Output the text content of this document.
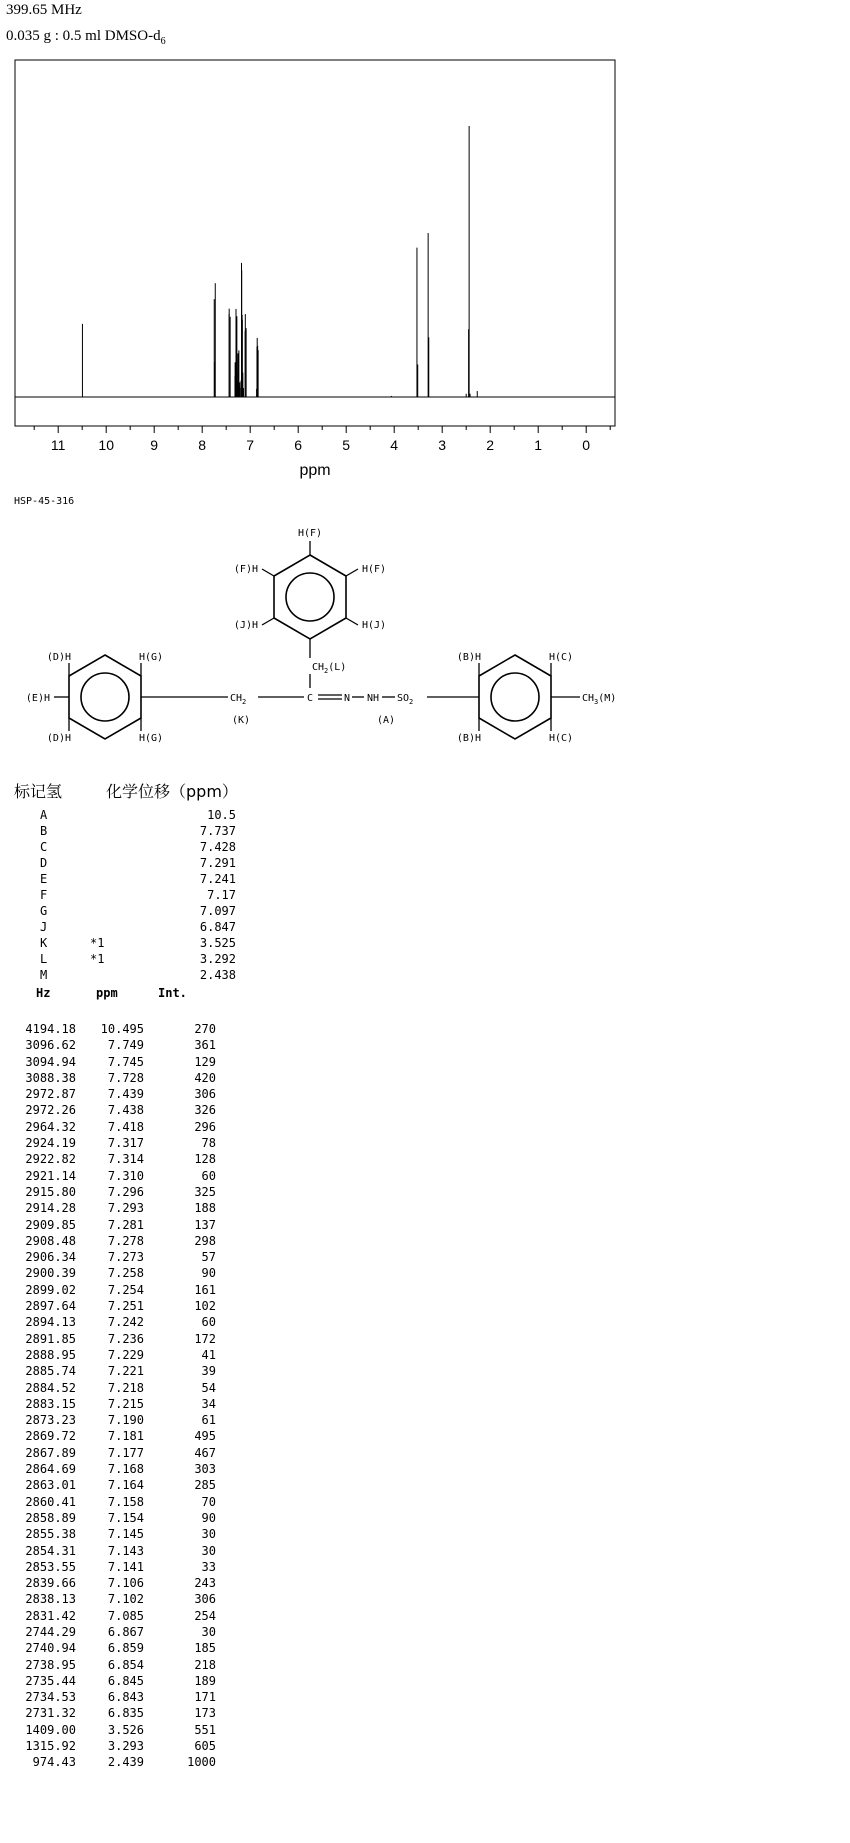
399.65 MHz
0.035 g : 0.5 ml DMSO-$d_6$
11 10	9	8	7	6	5	4	3	2	1	0
ppm
HSP-45-316
H(F)
(F)H	H(F)
(J)H	H(J)
$CH_2(L)$
(D)H	H(G)
(E)H
(D)H	H(G)
$CH_2$
(K)
C	N NH
(A)
$SO_2$
(B)H	H(C)
(B)H	H(C)
$CH_3(M)$
标记氢	化学位移（ppm）
A	10.5
B	7.737
C	7.428
D	7.291
E	7.241
F	7.17
G	7.097
J	6.847
K	*1	3.525
L	*1	3.292
M	2.438
Hz	ppm	Int.
4194.18	10.495	270
3096.62	7.749	361
3094.94	7.745	129
3088.38	7.728	420
2972.87	7.439	306
2972.26	7.438	326
2964.32	7.418	296
2924.19	7.317	78
2922.82	7.314	128
2921.14	7.310	60
2915.80	7.296	325
2914.28	7.293	188
2909.85	7.281	137
2908.48	7.278	298
2906.34	7.273	57
2900.39	7.258	90
2899.02	7.254	161
2897.64	7.251	102
2894.13	7.242	60
2891.85	7.236	172
2888.95	7.229	41
2885.74	7.221	39
2884.52	7.218	54
2883.15	7.215	34
2873.23	7.190	61
2869.72	7.181	495
2867.89	7.177	467
2864.69	7.168	303
2863.01	7.164	285
2860.41	7.158	70
2858.89	7.154	90
2855.38	7.145	30
2854.31	7.143	30
2853.55	7.141	33
2839.66	7.106	243
2838.13	7.102	306
2831.42	7.085	254
2744.29	6.867	30
2740.94	6.859	185
2738.95	6.854	218
2735.44	6.845	189
2734.53	6.843	171
2731.32	6.835	173
1409.00	3.526	551
1315.92	3.293	605
974.43	2.439	1000
